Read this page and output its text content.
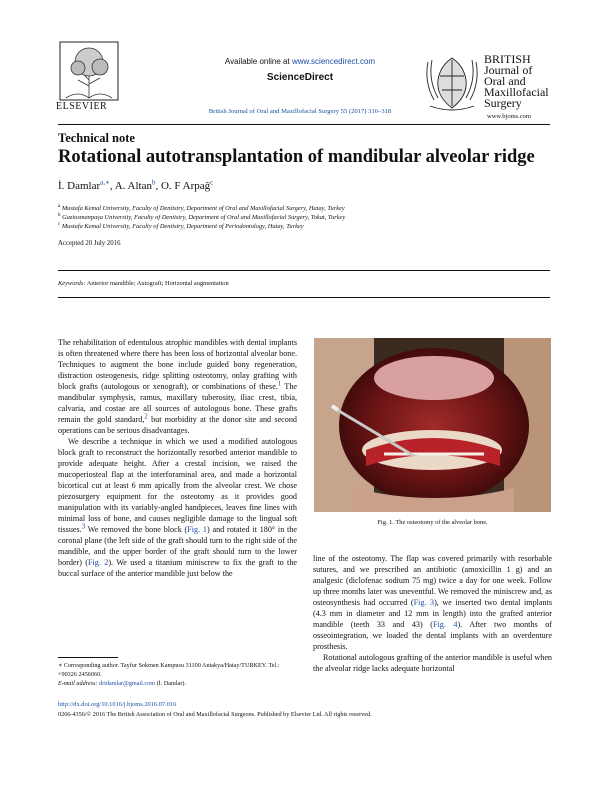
ELSEVIER
Available online at www.sciencedirect.com
ScienceDirect
British Journal of Oral and Maxillofacial Surgery 55 (2017) 316–318
BRITISH
Journal of
Oral and
Maxillofacial
Surgery
www.bjoms.com
Technical note
Rotational autotransplantation of mandibular alveolar ridge
İ. Damlar$^{a,∗}$, A. Altan$^b$, O. F Arpağ$^c$
$^a$ Mustafa Kemal University, Faculty of Dentistry, Department of Oral and Maxillofacial Surgery, Hatay, Turkey
$^b$ Gaziosmanpaşa University, Faculty of Dentistry, Department of Oral and Maxillofacial Surgery, Tokat, Turkey
$^c$ Mustafa Kemal University, Faculty of Dentistry, Department of Periodontology, Hatay, Turkey
Accepted 20 July 2016
Keywords: Anterior mandible; Autograft; Horizontal augmentation

The rehabilitation of edentulous atrophic mandibles with dental implants is often threatened where there has been loss of horizontal alveolar bone. Techniques to augment the bone include guided bony regeneration, distraction osteogenesis, ridge splitting osteotomy, onlay grafting with block grafts (autologous or xenograft), or combinations of these.$^1$ The mandibular symphysis, ramus, maxillary tuberosity, iliac crest, tibia, calvaria, and costae are all sources of autologous bone. These grafts remain the gold standard,$^2$ but morbidity at the donor site and second operations can be serious disadvantages.

We describe a technique in which we used a modified autologous block graft to reconstruct the horizontally resorbed anterior mandible to provide adequate height. After a crestal incision, we raised the mucoperiosteal flap at the interforaminal area, and made a horizontal bicortical cut at least 6 mm apically from the alveolar crest. We chose piezosurgery equipment for the osteotomy as it provides good manipulation with its variably-angled handpieces, leaves fine lines with minimal loss of bone, and causes negligible damage to the lingual soft tissues.$^3$ We removed the bone block (Fig. 1) and rotated it 180° in the coronal plane (the left side of the graft should turn to the right side of the mandible, and the upper border of the graft should turn to the lower border) (Fig. 2). We used a titanium miniscrew to fix the graft to the buccal surface of the anterior mandible just below the

Fig. 1. The osteotomy of the alveolar bone.

line of the osteotomy. The flap was covered primarily with resorbable sutures, and we prescribed an antibiotic (amoxicillin 1 g) and an analgesic (diclofenac sodium 75 mg) twice a day for one week. Follow up three months later was uneventful. We removed the miniscrew and, as osteosynthesis had occurred (Fig. 3), we inserted two dental implants (4.3 mm in diameter and 12 mm in length) into the grafted anterior mandible (teeth 33 and 43) (Fig. 4). After two months of osseointegration, we loaded the dental implants with an overdenture prosthesis.

Rotational autologous grafting of the anterior mandible is useful when the alveolar ridge lacks adequate horizontal

∗ Corresponding author. Tayfur Sokmen Kampusu 31100 Antakya/Hatay/TURKEY. Tel.: +90326 2456060.

E-mail address: dridamlar@gmail.com (İ. Damlar).

http://dx.doi.org/10.1016/j.bjoms.2016.07.016
0266-4356/© 2016 The British Association of Oral and Maxillofacial Surgeons. Published by Elsevier Ltd. All rights reserved.
